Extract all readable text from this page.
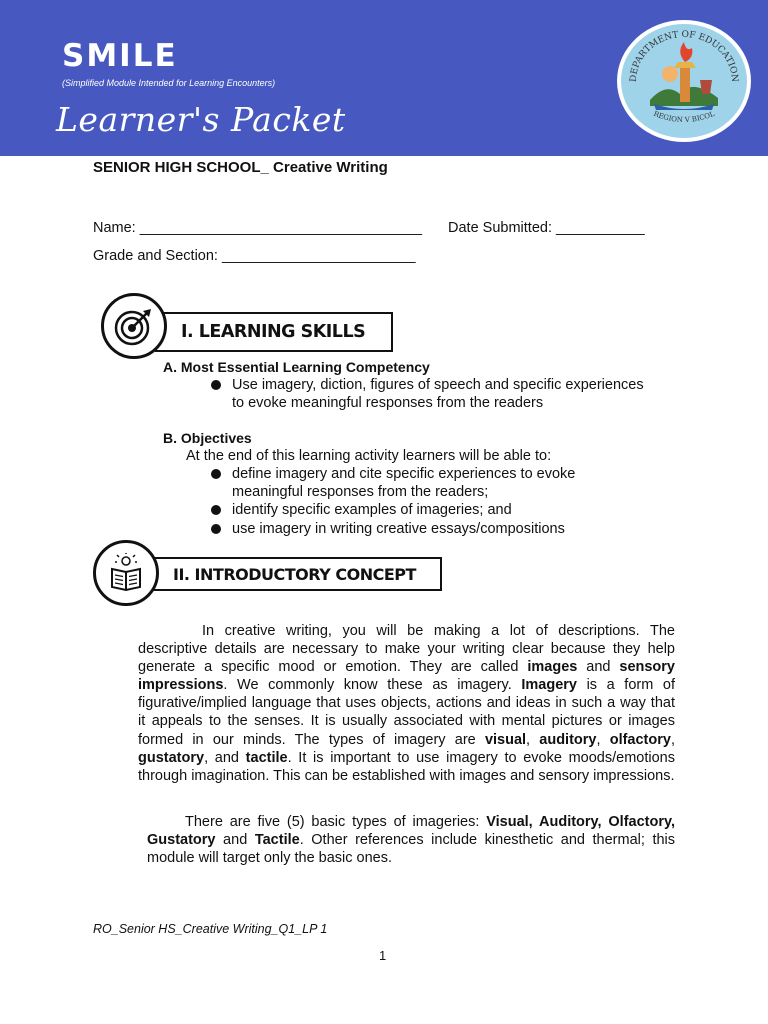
SMILE
(Simplified Module Intended for Learning Encounters)
Learner's Packet
DEPARTMENT OF EDUCATION
REGION V BICOL
SENIOR HIGH SCHOOL_ Creative Writing
Name: ___________________________________ Date Submitted: ___________
Grade and Section: ________________________
I. LEARNING SKILLS
A. Most Essential Learning Competency
Use imagery, diction, figures of speech and specific experiences
to evoke meaningful responses from the readers
B. Objectives
At the end of this learning activity learners will be able to:
define imagery and cite specific experiences to evoke
meaningful responses from the readers;
identify specific examples of imageries; and
use imagery in writing creative essays/compositions
II. INTRODUCTORY CONCEPT
In creative writing, you will be making a lot of descriptions. The descriptive details are necessary to make your writing clear because they help generate a specific mood or emotion. They are called images and sensory impressions. We commonly know these as imagery. Imagery is a form of figurative/implied language that uses objects, actions and ideas in such a way that it appeals to the senses. It is usually associated with mental pictures or images formed in our minds. The types of imagery are visual, auditory, olfactory, gustatory, and tactile. It is important to use imagery to evoke moods/emotions through imagination. This can be established with images and sensory impressions.
There are five (5) basic types of imageries: Visual, Auditory, Olfactory, Gustatory and Tactile. Other references include kinesthetic and thermal; this module will target only the basic ones.
RO_Senior HS_Creative Writing_Q1_LP 1
1
